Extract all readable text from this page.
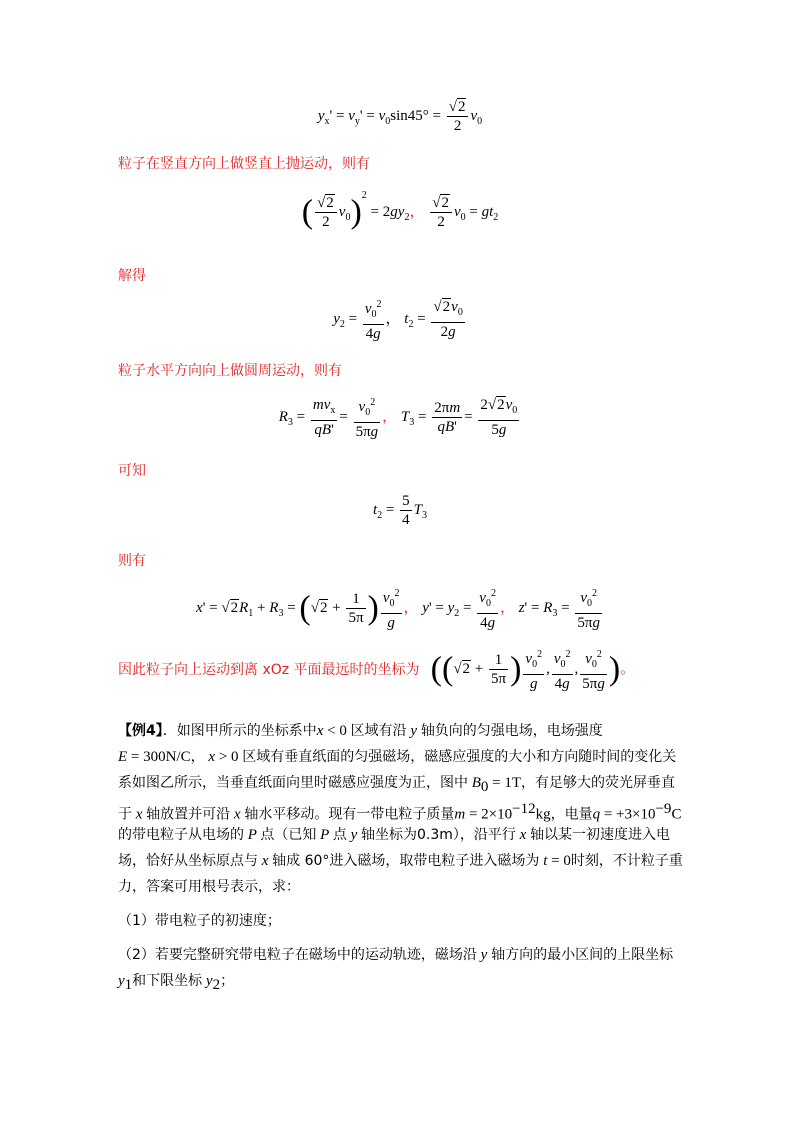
$y_x' = v_y' = v_0\sin 45^\circ = \frac{√2}{2} v_0$
粒子在竖直方向上做竖直上抛运动，则有
( $\frac{√2}{2} v_0)^2 = 2gy_2$， $\frac{√2}{2} v_0 = gt_2$
解得
$y_2 = \frac{v_0^2}{4g}$ ， $t_2 = \frac{√2v_0}{2g}$
粒子水平方向向上做圆周运动，则有
$R_3 = \frac{mv_x}{qB'} = \frac{v_0^2}{5\pi g}$ ， $T_3 = \frac{2\pi m}{qB'} = \frac{2√2v_0}{5g}$
可知
$t_2 = \frac{5}{4} T_3$
则有
$x' = √2R_1 + R_3 = (√2 + \frac{1}{5\pi}$ ) $\frac{v_0^2}{g}$ ， $y' = y_2 = \frac{v_0^2}{4g}$ ， $z' = R_3 = \frac{v_0^2}{5\pi g}$
因此粒子向上运动到离 xOz 平面最远时的坐标为 (($√2 + \frac{1}{5\pi}$ ) $\frac{v_0^2}{g}$ , $\frac{v_0^2}{4g}$ , $\frac{v_0^2}{5\pi g}$ )。
【例4】．如图甲所示的坐标系中x < 0 区域有沿 y 轴负向的匀强电场，电场强度
E = 300N/C， x > 0 区域有垂直纸面的匀强磁场，磁感应强度的大小和方向随时间的变化关
系如图乙所示，当垂直纸面向里时磁感应强度为正，图中 $B_0 = 1T$，有足够大的荧光屏垂直
于 x 轴放置并可沿 x 轴水平移动。现有一带电粒子质量$m = 2\times 10^{-12}kg$，电量$q = +3\times 10^{-9}C$
的带电粒子从电场的 P 点（已知 P 点 y 轴坐标为0.3m），沿平行 x 轴以某一初速度进入电
场，恰好从坐标原点与 x 轴成 60°进入磁场，取带电粒子进入磁场为 t = 0时刻，不计粒子重
力，答案可用根号表示，求：
（1）带电粒子的初速度；
（2）若要完整研究带电粒子在磁场中的运动轨迹，磁场沿 y 轴方向的最小区间的上限坐标
$y_1$和下限坐标 $y_2$；
